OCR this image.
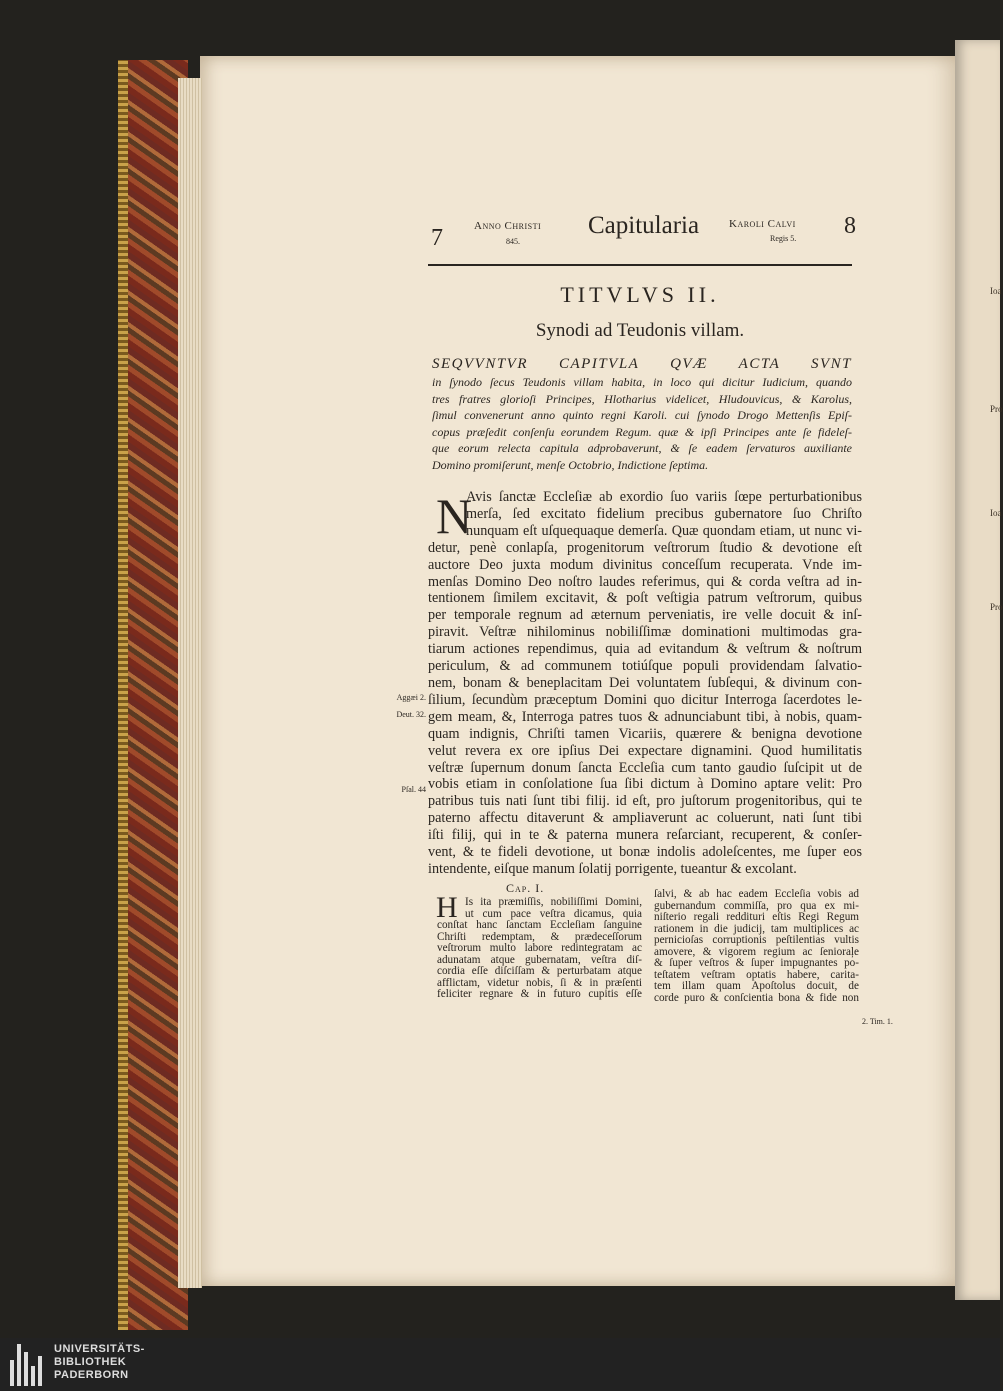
Ioa
Pro
Ioa
Pro
7	Anno Christi
845.
Capitularia	Karoli Calvi
Regis 5. 8
TITVLVS II.
Synodi ad Teudonis villam.
SEQVVNTVR CAPITVLA QVÆ ACTA SVNT
in ſynodo ſecus Teudonis villam habita, in loco qui dicitur Iudicium, quando
tres fratres glorioſi Principes, Hlotharius videlicet, Hludouvicus, & Karolus,
ſimul convenerunt anno quinto regni Karoli. cui ſynodo Drogo Mettenſis Epiſ-
copus præſedit conſenſu eorundem Regum. quæ & ipſi Principes ante ſe fideleſ-
que eorum relecta capitula adprobaverunt, & ſe eadem ſervaturos auxiliante
Domino promiſerunt, menſe Octobrio, Indictione ſeptima.
N
Avis ſanctæ Eccleſiæ ab exordio ſuo variis ſœpe perturbationibus
merſa, ſed excitato fidelium precibus gubernatore ſuo Chriſto
nunquam eſt uſquequaque demerſa. Quæ quondam etiam, ut nunc vi-
detur, penè conlapſa, progenitorum veſtrorum ſtudio & devotione eſt
auctore Deo juxta modum divinitus conceſſum recuperata. Vnde im-
menſas Domino Deo noſtro laudes referimus, qui & corda veſtra ad in-
tentionem ſimilem excitavit, & poſt veſtigia patrum veſtrorum, quibus
per temporale regnum ad æternum perveniatis, ire velle docuit & inſ-
piravit. Veſtræ nihilominus nobiliſſimæ dominationi multimodas gra-
tiarum actiones rependimus, quia ad evitandum & veſtrum & noſtrum
periculum, & ad communem totiúſque populi providendam ſalvatio-
nem, bonam & beneplacitam Dei voluntatem ſubſequi, & divinum con-
ſilium, ſecundùm præceptum Domini quo dicitur Interroga ſacerdotes le-
gem meam, &, Interroga patres tuos & adnunciabunt tibi, à nobis, quam-
quam indignis, Chriſti tamen Vicariis, quærere & benigna devotione
velut revera ex ore ipſius Dei expectare dignamini. Quod humilitatis
veſtræ ſupernum donum ſancta Eccleſia cum tanto gaudio ſuſcipit ut de
vobis etiam in conſolatione ſua ſibi dictum à Domino aptare velit: Pro
patribus tuis nati ſunt tibi filij. id eſt, pro juſtorum progenitoribus, qui te
paterno affectu ditaverunt & ampliaverunt ac coluerunt, nati ſunt tibi
iſti filij, qui in te & paterna munera reſarciant, recuperent, & conſer-
vent, & te fideli devotione, ut bonæ indolis adoleſcentes, me ſuper eos
intendente, eiſque manum ſolatij porrigente, tueantur & excolant.
Aggæi 2.
Deut. 32.
Pſal. 44
2. Tim. 1.
Cap. I.
H Is ita præmiſſis, nobiliſſimi Domini,
ut cum pace veſtra dicamus, quia
conſtat hanc ſanctam Eccleſiam ſanguine
Chriſti redemptam, & prædeceſſorum
veſtrorum multo labore redintegratam ac
adunatam atque gubernatam, veſtra diſ-
cordia eſſe diſciſſam & perturbatam atque
afflictam, videtur nobis, ſi & in præſenti
feliciter regnare & in futuro cupitis eſſe
ſalvi, & ab hac eadem Eccleſia vobis ad
gubernandum commiſſa, pro qua ex mi-
niſterio regali redditurі eſtis Regi Regum
rationem in die judicij, tam multiplices ac
pernicioſas corruptionis peſtilentias vultis
amovere, & vigorem regium ac ſenioraļe
& ſuper veſtros & ſuper impugnantes po-
teſtatem veſtram optatis habere, carita-
tem illam quam Apoſtolus docuit, de
corde puro & conſcientia bona & fide non
UNIVERSITÄTS-
BIBLIOTHEK
PADERBORN
